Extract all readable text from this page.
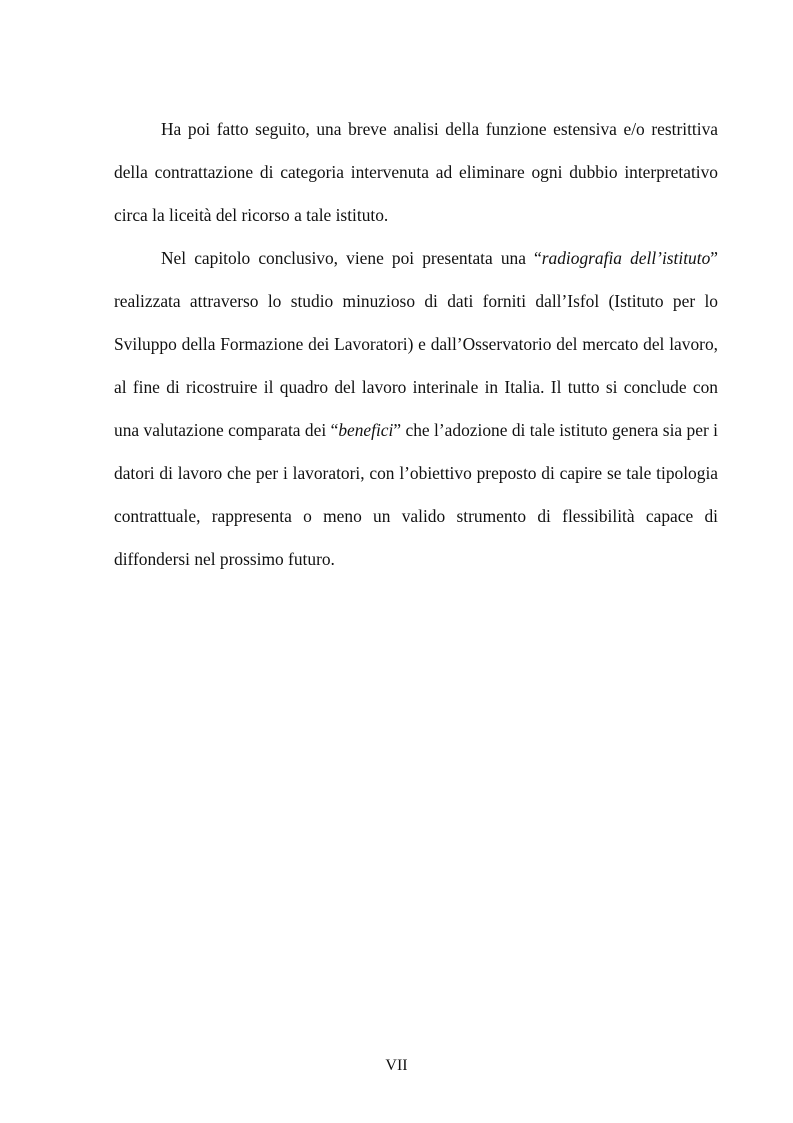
Ha poi fatto seguito, una breve analisi della funzione estensiva e/o restrittiva della contrattazione di categoria intervenuta ad eliminare ogni dubbio interpretativo circa la liceità del ricorso a tale istituto.

Nel capitolo conclusivo, viene poi presentata una “radiografia dell’istituto” realizzata attraverso lo studio minuzioso di dati forniti dall’Isfol (Istituto per lo Sviluppo della Formazione dei Lavoratori) e dall’Osservatorio del mercato del lavoro, al fine di ricostruire il quadro del lavoro interinale in Italia. Il tutto si conclude con una valutazione comparata dei “benefici” che l’adozione di tale istituto genera sia per i datori di lavoro che per i lavoratori, con l’obiettivo preposto di capire se tale tipologia contrattuale, rappresenta o meno un valido strumento di flessibilità capace di diffondersi nel prossimo futuro.

VII
